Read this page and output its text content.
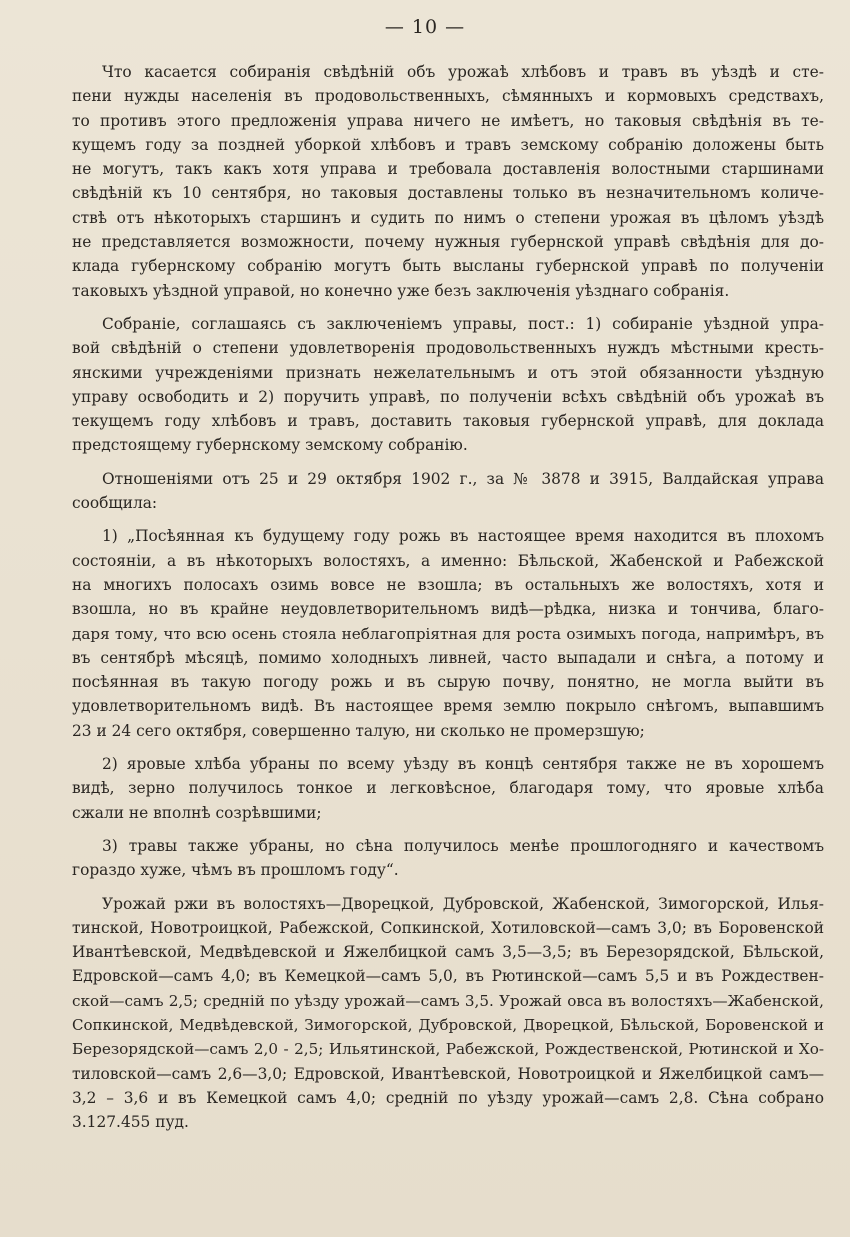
— 10 —
Что касается собиранія свѣдѣній объ урожаѣ хлѣбовъ и травъ въ уѣздѣ и сте-
пени нужды населенія въ продовольственныхъ, сѣмянныхъ и кормовыхъ средствахъ,
то противъ этого предложенія управа ничего не имѣетъ, но таковыя свѣдѣнія въ те-
кущемъ году за поздней уборкой хлѣбовъ и травъ земскому собранію доложены быть
не могутъ, такъ какъ хотя управа и требовала доставленія волостными старшинами
свѣдѣній къ 10 сентября, но таковыя доставлены только въ незначительномъ количе-
ствѣ отъ нѣкоторыхъ старшинъ и судить по нимъ о степени урожая въ цѣломъ уѣздѣ
не представляется возможности, почему нужныя губернской управѣ свѣдѣнія для до-
клада губернскому собранію могутъ быть высланы губернской управѣ по полученіи
таковыхъ уѣздной управой, но конечно уже безъ заключенія уѣзднаго собранія.
Собраніе, соглашаясь съ заключеніемъ управы, пост.: 1) собираніе уѣздной упра-
вой свѣдѣній о степени удовлетворенія продовольственныхъ нуждъ мѣстными кресть-
янскими учрежденіями признать нежелательнымъ и отъ этой обязанности уѣздную
управу освободить и 2) поручить управѣ, по полученіи всѣхъ свѣдѣній объ урожаѣ въ
текущемъ году хлѣбовъ и травъ, доставить таковыя губернской управѣ, для доклада
предстоящему губернскому земскому собранію.
Отношеніями отъ 25 и 29 октября 1902 г., за № 3878 и 3915, Валдайская управа
сообщила:
1) „Посѣянная къ будущему году рожь въ настоящее время находится въ плохомъ
состояніи, а въ нѣкоторыхъ волостяхъ, а именно: Бѣльской, Жабенской и Рабежской
на многихъ полосахъ озимь вовсе не взошла; въ остальныхъ же волостяхъ, хотя и
взошла, но въ крайне неудовлетворительномъ видѣ—рѣдка, низка и тончива, благо-
даря тому, что всю осень стояла неблагопріятная для роста озимыхъ погода, напримѣръ, въ
въ сентябрѣ мѣсяцѣ, помимо холодныхъ ливней, часто выпадали и снѣга, а потому и
посѣянная въ такую погоду рожь и въ сырую почву, понятно, не могла выйти въ
удовлетворительномъ видѣ. Въ настоящее время землю покрыло снѣгомъ, выпавшимъ
23 и 24 сего октября, совершенно талую, ни сколько не промерзшую;
2) яровые хлѣба убраны по всему уѣзду въ концѣ сентября также не въ хорошемъ
видѣ, зерно получилось тонкое и легковѣсное, благодаря тому, что яровые хлѣба
сжали не вполнѣ созрѣвшими;
3) травы также убраны, но сѣна получилось менѣе прошлогодняго и качествомъ
гораздо хуже, чѣмъ въ прошломъ году“.
Урожай ржи въ волостяхъ—Дворецкой, Дубровской, Жабенской, Зимогорской, Илья-
тинской, Новотроицкой, Рабежской, Сопкинской, Хотиловской—самъ 3,0; въ Боровенской
Ивантѣевской, Медвѣдевской и Яжелбицкой самъ 3,5—3,5; въ Березорядской, Бѣльской,
Едровской—самъ 4,0; въ Кемецкой—самъ 5,0, въ Рютинской—самъ 5,5 и въ Рождествен-
ской—самъ 2,5; средній по уѣзду урожай—самъ 3,5. Урожай овса въ волостяхъ—Жабенской,
Сопкинской, Медвѣдевской, Зимогорской, Дубровской, Дворецкой, Бѣльской, Боровенской и
Березорядской—самъ 2,0 - 2,5; Ильятинской, Рабежской, Рождественской, Рютинской и Хо-
тиловской—самъ 2,6—3,0; Едровской, Ивантѣевской, Новотроицкой и Яжелбицкой самъ—
3,2 – 3,6 и въ Кемецкой самъ 4,0; средній по уѣзду урожай—самъ 2,8. Сѣна собрано
3.127.455 пуд.
